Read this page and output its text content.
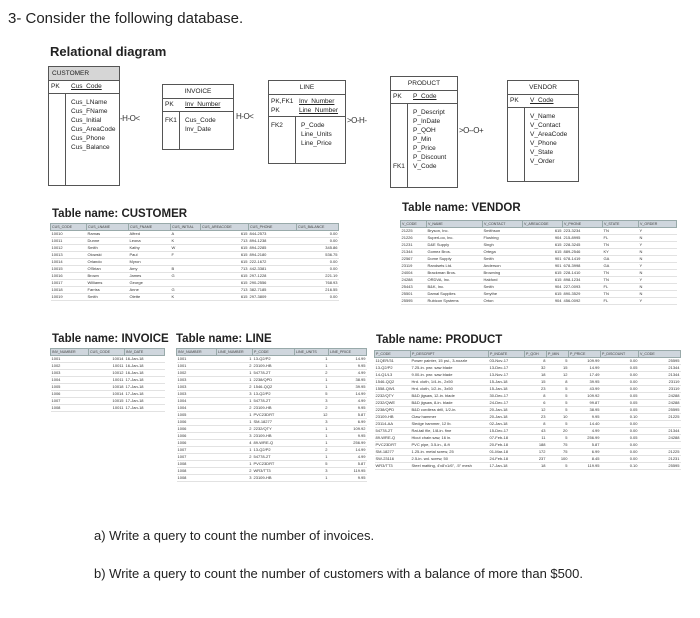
3- Consider the following database.
Relational diagram
CUSTOMER
PK Cus_Code
Cus_LName
Cus_FName
Cus_Initial
Cus_AreaCode
Cus_Phone
Cus_Balance
-H-O<
INVOICE
PK Inv_Number
FK1 Cus_Code
Inv_Date
H-O<
LINE
PK,FK1
PK
Inv_Number
Line_Number
FK2	P_Code
Line_Units
Line_Price
>O-H-
PRODUCT
PK P_Code
FK1
P_Descript
P_InDate
P_QOH
P_Min
P_Price
P_Discount
V_Code
>O--O+
VENDOR
PK V_Code
V_Name
V_Contact
V_AreaCode
V_Phone
V_State
V_Order
Table name: CUSTOMER	Table name: VENDOR
Table name: INVOICE Table name: LINE	Table name: PRODUCT
CUS_CODE	CUS_LNAME	CUS_FNAME	CUS_INITIAL	CUS_AREACODE	CUS_PHONE	CUS_BALANCE
10010	Ramas	Alfred	A	615	844-2573	0.00
10011	Dunne	Leona	K	713	894-1238	0.00
10012	Smith	Kathy	W	615	894-2285	345.86
10013	Olowski	Paul	F	615	894-2180	536.75
10014	Orlando	Myron		615	222-1672	0.00
10015	O'Brian	Amy	B	713	442-3381	0.00
10016	Brown	James	G	615	297-1228	221.19
10017	Williams	George		615	290-2556	768.93
10018	Farriss	Anne	G	713	382-7185	216.55
10019	Smith	Olette	K	615	297-3809	0.00
V_CODE	V_NAME	V_CONTACT	V_AREACODE	V_PHONE	V_STATE	V_ORDER
21225	Bryson, Inc.	Smithson	615	223-3234	TN	Y
21226	SuperLoo, Inc.	Flushing	904	215-8995	FL	N
21231	D&E Supply	Singh	615	228-3245	TN	Y
21344	Gomez Bros.	Ortega	615	889-2546	KY	N
22567	Dome Supply	Smith	901	678-1419	GA	N
23119	Randsets Ltd.	Anderson	901	678-3998	GA	Y
24004	Brackman Bros.	Browning	615	228-1410	TN	N
24288	ORDVA, Inc.	Hakford	615	898-1234	TN	Y
25443	B&K, Inc.	Smith	904	227-0093	FL	N
25501	Damal Supplies	Smythe	615	890-3529	TN	N
25595	Rubicon Systems	Orton	904	456-0092	FL	Y
INV_NUMBER	CUS_CODE	INV_DATE
1001	10014	16-Jan-18
1002	10011	16-Jan-18
1003	10012	16-Jan-18
1004	10011	17-Jan-18
1005	10018	17-Jan-18
1006	10014	17-Jan-18
1007	10015	17-Jan-18
1008	10011	17-Jan-18
INV_NUMBER	LINE_NUMBER	P_CODE	LINE_UNITS	LINE_PRICE
1001	1	13-Q2/P2	1	14.99
1001	2	23109-HB	1	9.95
1002	1	54778-2T	2	4.99
1003	1	2238/QPD	1	38.95
1003	2	1546-QQ2	1	39.95
1003	3	13-Q2/P2	5	14.99
1004	1	54778-2T	3	4.99
1004	2	23109-HB	2	9.95
1005	1	PVC23DRT	12	5.87
1006	1	SM-18277	3	6.99
1006	2	2232/QTY	1	109.92
1006	3	23109-HB	1	9.95
1006	4	89-WRE-Q	1	256.99
1007	1	13-Q2/P2	2	14.99
1007	2	54778-2T	1	4.99
1008	1	PVC23DRT	5	5.87
1008	2	WR3/TT3	3	119.95
1008	3	23109-HB	1	9.95
P_CODE	P_DESCRIPT	P_INDATE	P_QOH	P_MIN	P_PRICE	P_DISCOUNT	V_CODE
11QER/31	Power painter, 15 psi., 3-nozzle	03-Nov-17	8	5	109.99	0.00	25595
13-Q2/P2	7.25-in. pwr. saw blade	13-Dec-17	32	15	14.99	0.05	21344
14-Q1/L3	9.00-in. pwr. saw blade	13-Nov-17	18	12	17.49	0.00	21344
1546-QQ2	Hrd. cloth, 1/4-in., 2x50	15-Jan-18	15	8	39.95	0.00	23119
1558-QW1	Hrd. cloth, 1/2-in., 3x50	15-Jan-18	23	5	43.99	0.00	23119
2232/QTY	B&D jigsaw, 12-in. blade	30-Dec-17	8	5	109.92	0.05	24288
2232/QWE	B&D jigsaw, 8-in. blade	24-Dec-17	6	5	99.87	0.05	24288
2238/QPD	B&D cordless drill, 1/2-in.	20-Jan-18	12	5	38.95	0.05	25595
23109-HB	Claw hammer	20-Jan-18	23	10	9.95	0.10	21225
23114-AA	Sledge hammer, 12 lb.	02-Jan-18	8	5	14.40	0.00	
54778-2T	Rat-tail file, 1/8-in. fine	15-Dec-17	43	20	4.99	0.00	21344
89-WRE-Q	Hicut chain saw, 16 in.	07-Feb-18	11	5	256.99	0.05	24288
PVC23DRT	PVC pipe, 3.5-in., 8-ft	20-Feb-18	188	75	5.87	0.00	
SM-18277	1.25-in. metal screw, 25	01-Mar-18	172	75	6.99	0.00	21225
SW-23116	2.5-in. wd. screw, 50	24-Feb-18	237	100	8.45	0.00	21231
WR3/TT3	Steel matting, 4'x8'x1/6", .5" mesh	17-Jan-18	18	5	119.95	0.10	25595
a) Write a query to count the number of invoices.
b) Write a query to count the number of customers with a balance of more than $500.
